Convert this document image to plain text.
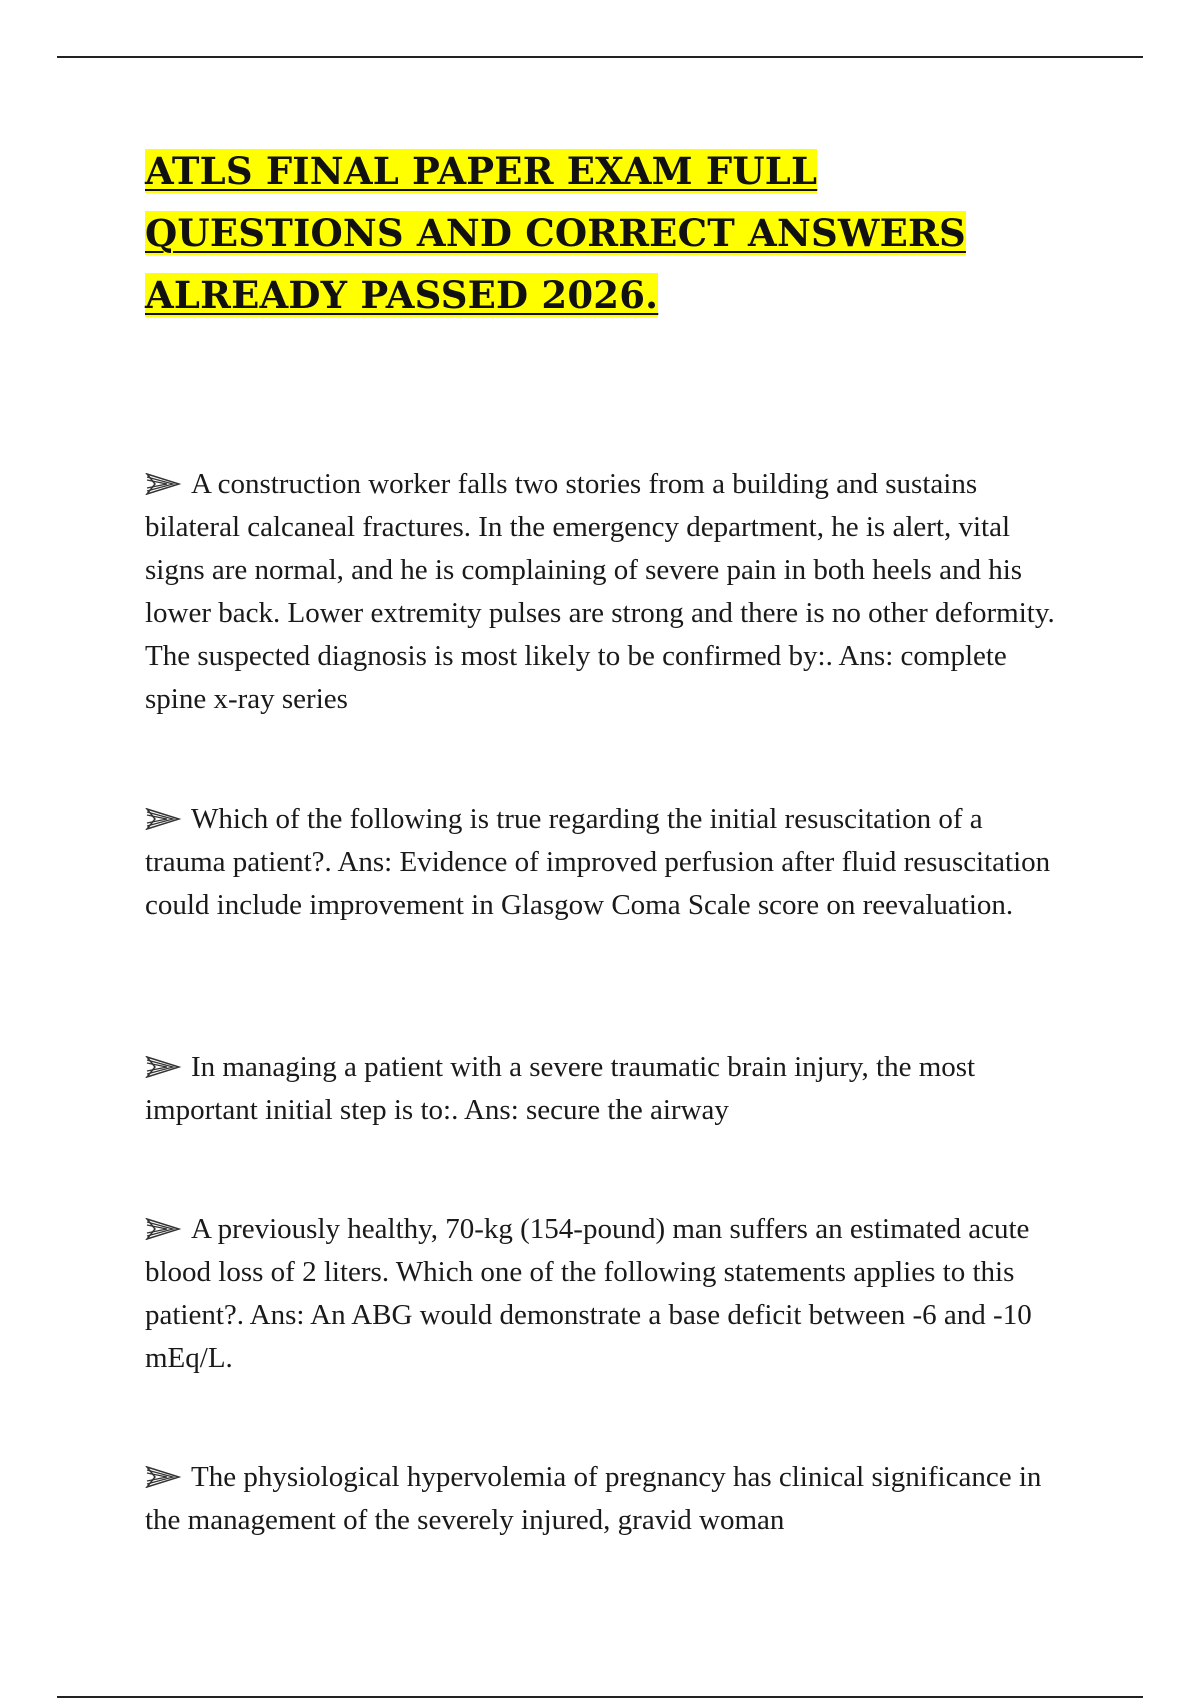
ATLS FINAL PAPER EXAM FULL QUESTIONS AND CORRECT ANSWERS ALREADY PASSED 2026.

A construction worker falls two stories from a building and sustains bilateral calcaneal fractures. In the emergency department, he is alert, vital signs are normal, and he is complaining of severe pain in both heels and his lower back. Lower extremity pulses are strong and there is no other deformity. The suspected diagnosis is most likely to be confirmed by:. Ans: complete spine x-ray series

Which of the following is true regarding the initial resuscitation of a trauma patient?. Ans: Evidence of improved perfusion after fluid resuscitation could include improvement in Glasgow Coma Scale score on reevaluation.

In managing a patient with a severe traumatic brain injury, the most important initial step is to:. Ans: secure the airway

A previously healthy, 70-kg (154-pound) man suffers an estimated acute blood loss of 2 liters. Which one of the following statements applies to this patient?. Ans: An ABG would demonstrate a base deficit between -6 and -10 mEq/L.

The physiological hypervolemia of pregnancy has clinical significance in the management of the severely injured, gravid woman
